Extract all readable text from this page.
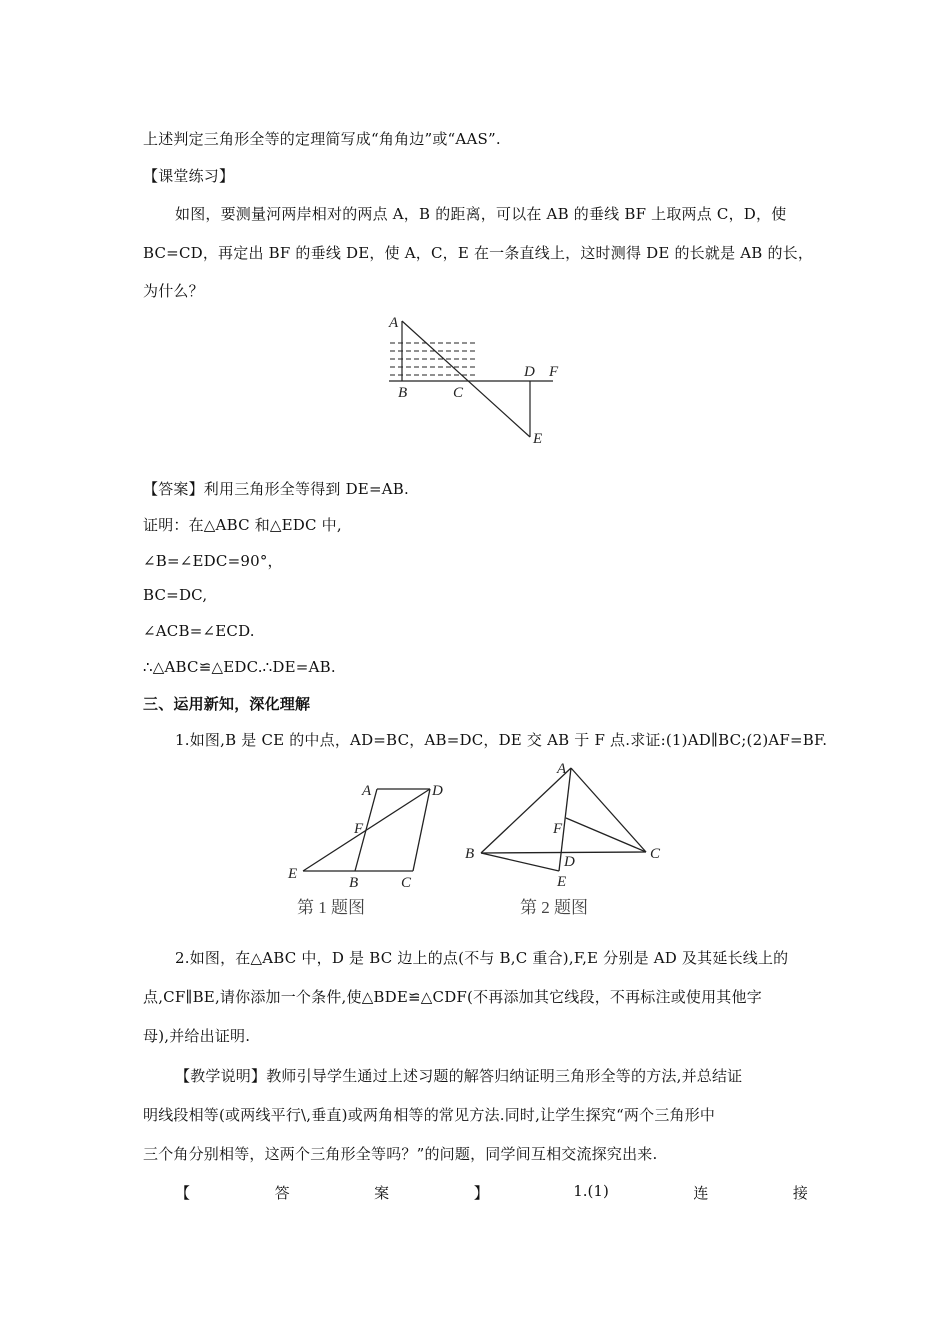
上述判定三角形全等的定理简写成“角角边”或“AAS”.
【课堂练习】
如图，要测量河两岸相对的两点 A，B 的距离，可以在 AB 的垂线 BF 上取两点 C，D，使
BC=CD，再定出 BF 的垂线 DE，使 A，C，E 在一条直线上，这时测得 DE 的长就是 AB 的长，
为什么？
A
B	C
D F
E
【答案】利用三角形全等得到 DE=AB.
证明：在△ABC 和△EDC 中,
∠B=∠EDC=90°，
BC=DC,
∠ACB=∠ECD.
∴△ABC≌△EDC.∴DE=AB.
三、运用新知，深化理解
1.如图,B 是 CE 的中点，AD=BC，AB=DC，DE 交 AB 于 F 点.求证:(1)AD∥BC;(2)AF=BF.
A	D
F
E
B	C
第 1 题图
A
F
B	C
D
E
第 2 题图
2.如图，在△ABC 中，D 是 BC 边上的点(不与 B,C 重合),F,E 分别是 AD 及其延长线上的
点,CF∥BE,请你添加一个条件,使△BDE≌△CDF(不再添加其它线段，不再标注或使用其他字
母),并给出证明.
【教学说明】教师引导学生通过上述习题的解答归纳证明三角形全等的方法,并总结证
明线段相等(或两线平行\,垂直)或两角相等的常见方法.同时,让学生探究“两个三角形中
三个角分别相等，这两个三角形全等吗？”的问题，同学间互相交流探究出来.
【	答	案	】	1.(1)	连	接
